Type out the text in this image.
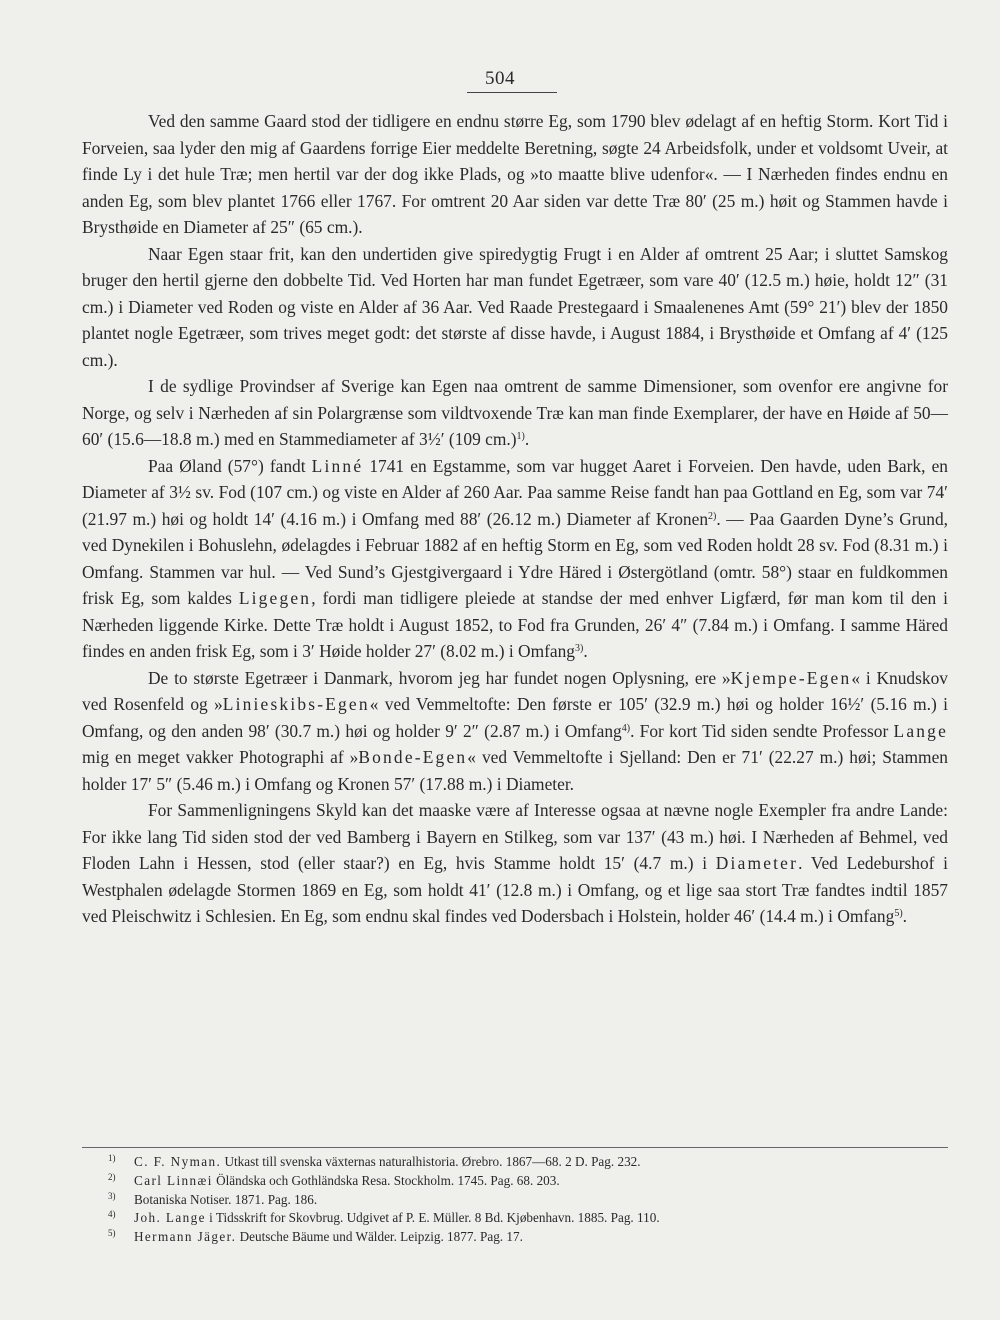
504

Ved den samme Gaard stod der tidligere en endnu større Eg, som 1790 blev ødelagt af en heftig Storm. Kort Tid i Forveien, saa lyder den mig af Gaardens forrige Eier meddelte Beretning, søgte 24 Arbeidsfolk, under et voldsomt Uveir, at finde Ly i det hule Træ; men hertil var der dog ikke Plads, og »to maatte blive udenfor«. — I Nærheden findes endnu en anden Eg, som blev plantet 1766 eller 1767. For omtrent 20 Aar siden var dette Træ 80′ (25 m.) høit og Stammen havde i Brysthøide en Diameter af 25″ (65 cm.).

Naar Egen staar frit, kan den undertiden give spiredygtig Frugt i en Alder af omtrent 25 Aar; i sluttet Samskog bruger den hertil gjerne den dobbelte Tid. Ved Horten har man fundet Egetræer, som vare 40′ (12.5 m.) høie, holdt 12″ (31 cm.) i Diameter ved Roden og viste en Alder af 36 Aar. Ved Raade Prestegaard i Smaalenenes Amt (59° 21′) blev der 1850 plantet nogle Egetræer, som trives meget godt: det største af disse havde, i August 1884, i Brysthøide et Omfang af 4′ (125 cm.).

I de sydlige Provindser af Sverige kan Egen naa omtrent de samme Dimensioner, som ovenfor ere angivne for Norge, og selv i Nærheden af sin Polargrænse som vildtvoxende Træ kan man finde Exemplarer, der have en Høide af 50—60′ (15.6—18.8 m.) med en Stammediameter af 3½′ (109 cm.)$^{1)}$.

Paa Øland (57°) fandt Linné 1741 en Egstamme, som var hugget Aaret i Forveien. Den havde, uden Bark, en Diameter af 3½ sv. Fod (107 cm.) og viste en Alder af 260 Aar. Paa samme Reise fandt han paa Gottland en Eg, som var 74′ (21.97 m.) høi og holdt 14′ (4.16 m.) i Omfang med 88′ (26.12 m.) Diameter af Kronen$^{2)}$. — Paa Gaarden Dyne’s Grund, ved Dynekilen i Bohuslehn, ødelagdes i Februar 1882 af en heftig Storm en Eg, som ved Roden holdt 28 sv. Fod (8.31 m.) i Omfang. Stammen var hul. — Ved Sund’s Gjestgivergaard i Ydre Häred i Østergötland (omtr. 58°) staar en fuldkommen frisk Eg, som kaldes Ligegen, fordi man tidligere pleiede at standse der med enhver Ligfærd, før man kom til den i Nærheden liggende Kirke. Dette Træ holdt i August 1852, to Fod fra Grunden, 26′ 4″ (7.84 m.) i Omfang. I samme Häred findes en anden frisk Eg, som i 3′ Høide holder 27′ (8.02 m.) i Omfang$^{3)}$.

De to største Egetræer i Danmark, hvorom jeg har fundet nogen Oplysning, ere »Kjempe-Egen« i Knudskov ved Rosenfeld og »Linieskibs-Egen« ved Vemmeltofte: Den første er 105′ (32.9 m.) høi og holder 16½′ (5.16 m.) i Omfang, og den anden 98′ (30.7 m.) høi og holder 9′ 2″ (2.87 m.) i Omfang$^{4)}$. For kort Tid siden sendte Professor Lange mig en meget vakker Photographi af »Bonde-Egen« ved Vemmeltofte i Sjelland: Den er 71′ (22.27 m.) høi; Stammen holder 17′ 5″ (5.46 m.) i Omfang og Kronen 57′ (17.88 m.) i Diameter.

For Sammenligningens Skyld kan det maaske være af Interesse ogsaa at nævne nogle Exempler fra andre Lande: For ikke lang Tid siden stod der ved Bamberg i Bayern en Stilkeg, som var 137′ (43 m.) høi. I Nærheden af Behmel, ved Floden Lahn i Hessen, stod (eller staar?) en Eg, hvis Stamme holdt 15′ (4.7 m.) i Diameter. Ved Ledeburshof i Westphalen ødelagde Stormen 1869 en Eg, som holdt 41′ (12.8 m.) i Omfang, og et lige saa stort Træ fandtes indtil 1857 ved Pleischwitz i Schlesien. En Eg, som endnu skal findes ved Dodersbach i Holstein, holder 46′ (14.4 m.) i Omfang$^{5)}$.

$^{1)}$	C. F. Nyman. Utkast till svenska växternas naturalhistoria. Ørebro. 1867—68. 2 D. Pag. 232.
$^{2)}$	Carl Linnæi Öländska och Gothländska Resa. Stockholm. 1745. Pag. 68. 203.
$^{3)}$	Botaniska Notiser. 1871. Pag. 186.
$^{4)}$	Joh. Lange i Tidsskrift for Skovbrug. Udgivet af P. E. Müller. 8 Bd. Kjøbenhavn. 1885. Pag. 110.
$^{5)}$	Hermann Jäger. Deutsche Bäume und Wälder. Leipzig. 1877. Pag. 17.
